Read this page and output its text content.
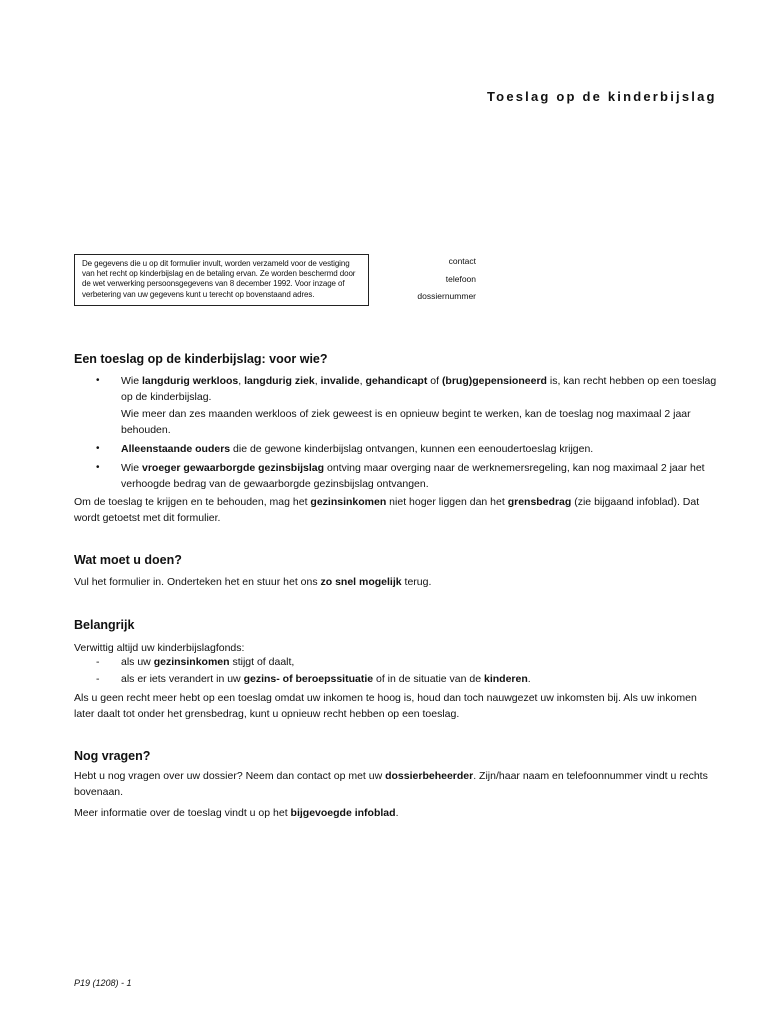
Toeslag op de kinderbijslag
De gegevens die u op dit formulier invult, worden verzameld voor de vestiging van het recht op kinderbijslag en de betaling ervan. Ze worden beschermd door de wet verwerking persoonsgegevens van 8 december 1992. Voor inzage of verbetering van uw gegevens kunt u terecht op bovenstaand adres.
contact
telefoon
dossiernummer
Een toeslag op de kinderbijslag: voor wie?
• Wie langdurig werkloos, langdurig ziek, invalide, gehandicapt of (brug)gepensioneerd is, kan recht hebben op een toeslag op de kinderbijslag.
Wie meer dan zes maanden werkloos of ziek geweest is en opnieuw begint te werken, kan de toeslag nog maximaal 2 jaar behouden.
• Alleenstaande ouders die de gewone kinderbijslag ontvangen, kunnen een eenoudertoeslag krijgen.
• Wie vroeger gewaarborgde gezinsbijslag ontving maar overging naar de werknemersregeling, kan nog maximaal 2 jaar het verhoogde bedrag van de gewaarborgde gezinsbijslag ontvangen.
Om de toeslag te krijgen en te behouden, mag het gezinsinkomen niet hoger liggen dan het grensbedrag (zie bijgaand infoblad). Dat wordt getoetst met dit formulier.
Wat moet u doen?
Vul het formulier in. Onderteken het en stuur het ons zo snel mogelijk terug.
Belangrijk
Verwittig altijd uw kinderbijslagfonds:
- als uw gezinsinkomen stijgt of daalt,
- als er iets verandert in uw gezins- of beroepssituatie of in de situatie van de kinderen.
Als u geen recht meer hebt op een toeslag omdat uw inkomen te hoog is, houd dan toch nauwgezet uw inkomsten bij. Als uw inkomen later daalt tot onder het grensbedrag, kunt u opnieuw recht hebben op een toeslag.
Nog vragen?
Hebt u nog vragen over uw dossier? Neem dan contact op met uw dossierbeheerder. Zijn/haar naam en telefoonnummer vindt u rechts bovenaan.
Meer informatie over de toeslag vindt u op het bijgevoegde infoblad.
P19 (1208) - 1
